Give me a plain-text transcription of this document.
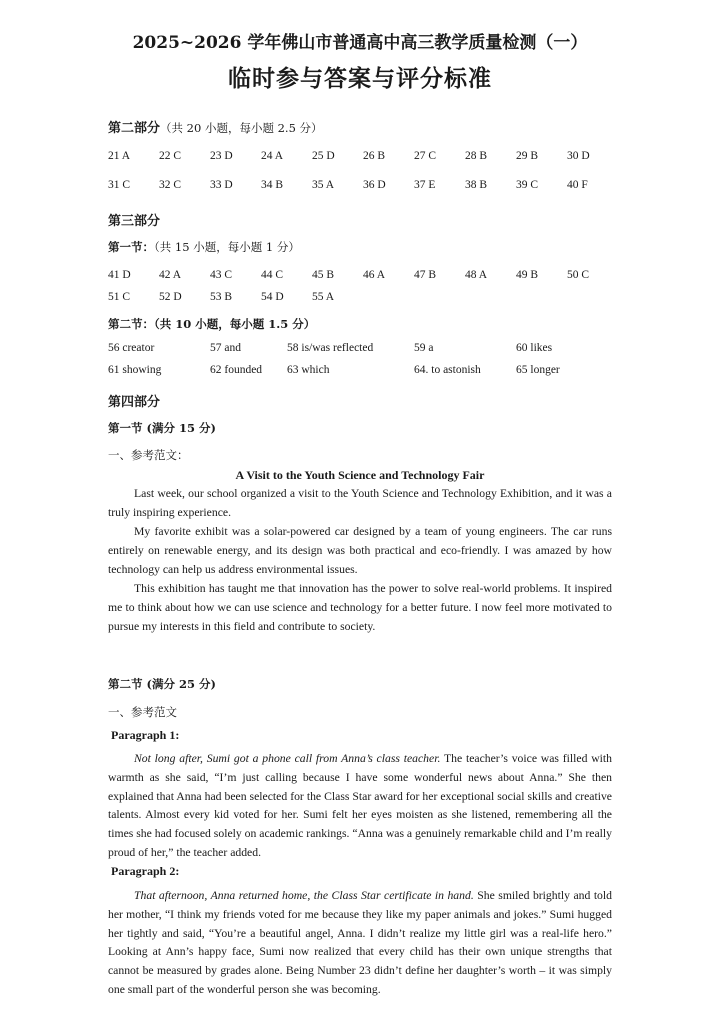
2025~2026 学年佛山市普通高中高三教学质量检测（一）
临时参与答案与评分标准
第二部分（共 20 小题，每小题 2.5 分）
21 A	22 C	23 D 24 A	25 D 26 B	27 C	28 B	29 B	30 D
31 C	32 C	33 D 34 B	35 A	36 D 37 E	38 B	39 C	40 F
第三部分
第一节：（共 15 小题，每小题 1 分）
41 D 42 A	43 C	44 C	45 B	46 A	47 B	48 A	49 B	50 C
51 C	52 D 53 B	54 D 55 A
第二节：（共 10 小题，每小题 1.5 分）
56 creator	57 and	58 is/was reflected	59 a	60 likes
61 showing	62 founded 63 which	64. to astonish	65 longer
第四部分
第一节 (满分 15 分)
一、参考范文：
A Visit to the Youth Science and Technology Fair
Last week, our school organized a visit to the Youth Science and Technology Exhibition, and it was a truly inspiring experience.
My favorite exhibit was a solar-powered car designed by a team of young engineers. The car runs entirely on renewable energy, and its design was both practical and eco-friendly. I was amazed by how technology can help us address environmental issues.
This exhibition has taught me that innovation has the power to solve real-world problems. It inspired me to think about how we can use science and technology for a better future. I now feel more motivated to pursue my interests in this field and contribute to society.
第二节 (满分 25 分)
一、参考范文
Paragraph 1:
Not long after, Sumi got a phone call from Anna’s class teacher. The teacher’s voice was filled with warmth as she said, “I’m just calling because I have some wonderful news about Anna.” She then explained that Anna had been selected for the Class Star award for her exceptional social skills and creative talents. Almost every kid voted for her. Sumi felt her eyes moisten as she listened, remembering all the times she had focused solely on academic rankings. “Anna was a genuinely remarkable child and I’m really proud of her,” the teacher added.
Paragraph 2:
That afternoon, Anna returned home, the Class Star certificate in hand. She smiled brightly and told her mother, “I think my friends voted for me because they like my paper animals and jokes.” Sumi hugged her tightly and said, “You’re a beautiful angel, Anna. I didn’t realize my little girl was a real-life hero.” Looking at Ann’s happy face, Sumi now realized that every child has their own unique strengths that cannot be measured by grades alone. Being Number 23 didn’t define her daughter’s worth – it was simply one small part of the wonderful person she was becoming.
